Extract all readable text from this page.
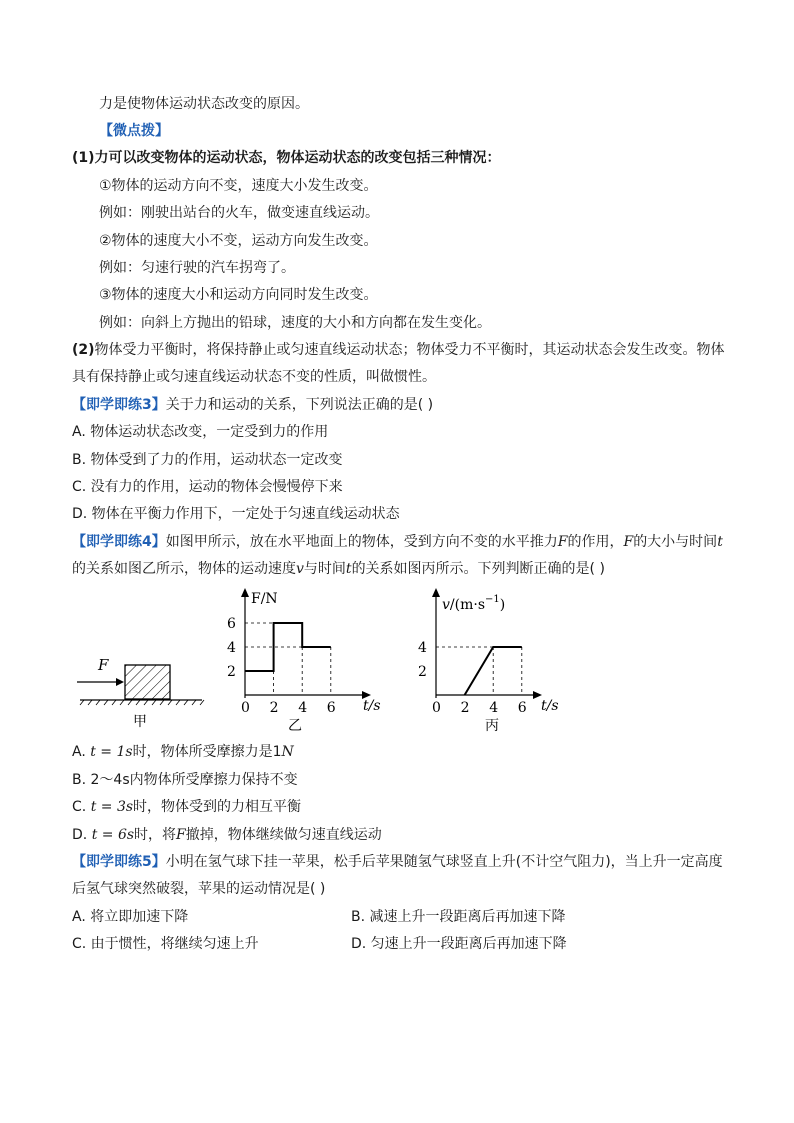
力是使物体运动状态改变的原因。
【微点拨】
(1)力可以改变物体的运动状态，物体运动状态的改变包括三种情况：
①物体的运动方向不变，速度大小发生改变。
例如：刚驶出站台的火车，做变速直线运动。
②物体的速度大小不变，运动方向发生改变。
例如：匀速行驶的汽车拐弯了。
③物体的速度大小和运动方向同时发生改变。
例如：向斜上方抛出的铅球，速度的大小和方向都在发生变化。
(2)物体受力平衡时，将保持静止或匀速直线运动状态；物体受力不平衡时，其运动状态会发生改变。物体
具有保持静止或匀速直线运动状态不变的性质，叫做惯性。
【即学即练3】关于力和运动的关系，下列说法正确的是( )
A. 物体运动状态改变，一定受到力的作用
B. 物体受到了力的作用，运动状态一定改变
C. 没有力的作用，运动的物体会慢慢停下来
D. 物体在平衡力作用下，一定处于匀速直线运动状态
【即学即练4】如图甲所示，放在水平地面上的物体，受到方向不变的水平推力F的作用，F的大小与时间t
的关系如图乙所示，物体的运动速度v与时间t的关系如图丙所示。下列判断正确的是( )
F
甲
F/N
t/s
2
4
6
0 2 4 6
乙
$v/(m\cdot s^{-1})$
t/s
2
4
0 2 4 6
丙
A. t = 1s时，物体所受摩擦力是1N
B. 2～4s内物体所受摩擦力保持不变
C. t = 3s时，物体受到的力相互平衡
D. t = 6s时，将F撤掉，物体继续做匀速直线运动
【即学即练5】小明在氢气球下挂一苹果，松手后苹果随氢气球竖直上升(不计空气阻力)，当上升一定高度
后氢气球突然破裂，苹果的运动情况是( )
A. 将立即加速下降	B. 减速上升一段距离后再加速下降
C. 由于惯性，将继续匀速上升	D. 匀速上升一段距离后再加速下降
